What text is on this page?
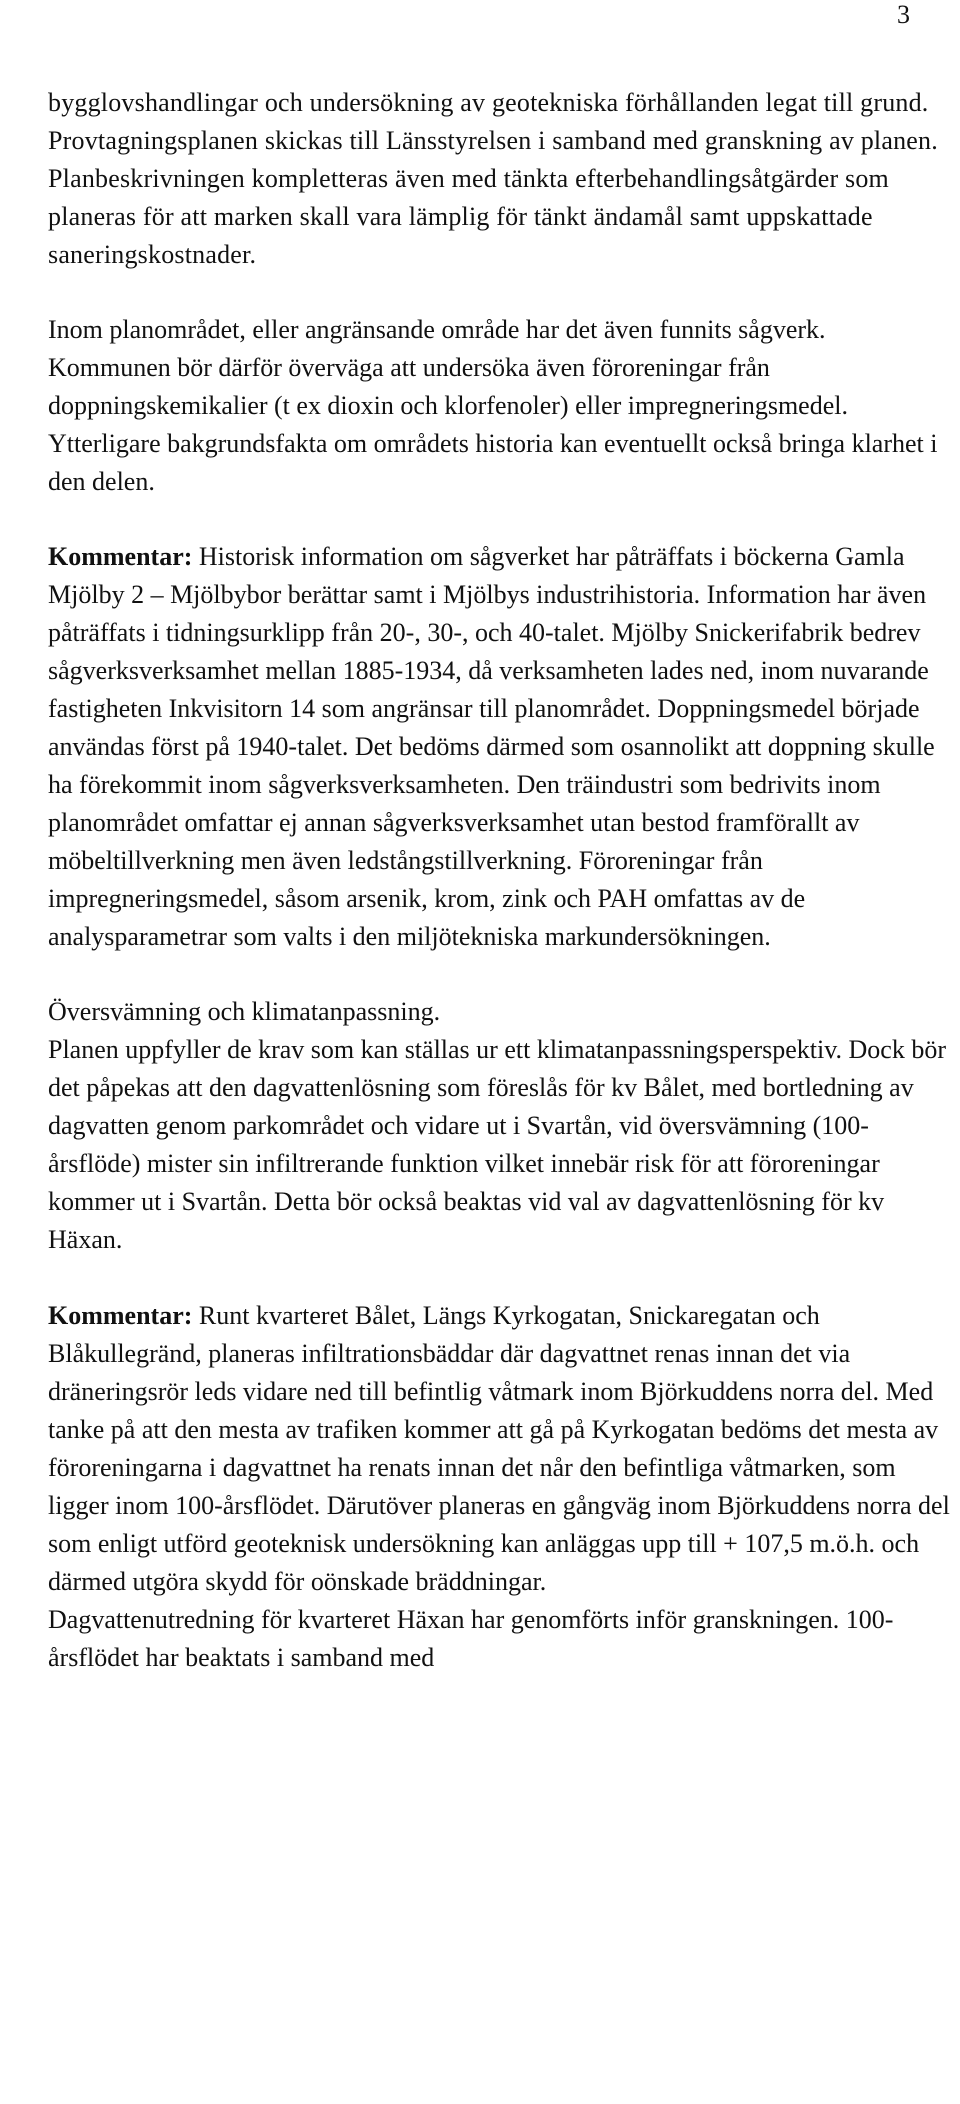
3

bygglovshandlingar och undersökning av geotekniska förhållanden legat till grund. Provtagningsplanen skickas till Länsstyrelsen i samband med granskning av planen. Planbeskrivningen kompletteras även med tänkta efterbehandlingsåtgärder som planeras för att marken skall vara lämplig för tänkt ändamål samt uppskattade saneringskostnader.

Inom planområdet, eller angränsande område har det även funnits sågverk. Kommunen bör därför överväga att undersöka även föroreningar från doppningskemikalier (t ex dioxin och klorfenoler) eller impregneringsmedel. Ytterligare bakgrundsfakta om områdets historia kan eventuellt också bringa klarhet i den delen.

Kommentar: Historisk information om sågverket har påträffats i böckerna Gamla Mjölby 2 – Mjölbybor berättar samt i Mjölbys industrihistoria. Information har även påträffats i tidningsurklipp från 20-, 30-, och 40-talet. Mjölby Snickerifabrik bedrev sågverksverksamhet mellan 1885-1934, då verksamheten lades ned, inom nuvarande fastigheten Inkvisitorn 14 som angränsar till planområdet. Doppningsmedel började användas först på 1940-talet. Det bedöms därmed som osannolikt att doppning skulle ha förekommit inom sågverksverksamheten. Den träindustri som bedrivits inom planområdet omfattar ej annan sågverksverksamhet utan bestod framförallt av möbeltillverkning men även ledstångstillverkning. Föroreningar från impregneringsmedel, såsom arsenik, krom, zink och PAH omfattas av de analysparametrar som valts i den miljötekniska markundersökningen.

Översvämning och klimatanpassning.
Planen uppfyller de krav som kan ställas ur ett klimatanpassningsperspektiv. Dock bör det påpekas att den dagvattenlösning som föreslås för kv Bålet, med bortledning av dagvatten genom parkområdet och vidare ut i Svartån, vid översvämning (100-årsflöde) mister sin infiltrerande funktion vilket innebär risk för att föroreningar kommer ut i Svartån. Detta bör också beaktas vid val av dagvattenlösning för kv Häxan.

Kommentar: Runt kvarteret Bålet, Längs Kyrkogatan, Snickaregatan och Blåkullegränd, planeras infiltrationsbäddar där dagvattnet renas innan det via dräneringsrör leds vidare ned till befintlig våtmark inom Björkuddens norra del. Med tanke på att den mesta av trafiken kommer att gå på Kyrkogatan bedöms det mesta av föroreningarna i dagvattnet ha renats innan det når den befintliga våtmarken, som ligger inom 100-årsflödet. Därutöver planeras en gångväg inom Björkuddens norra del som enligt utförd geoteknisk undersökning kan anläggas upp till + 107,5 m.ö.h. och därmed utgöra skydd för oönskade bräddningar.
Dagvattenutredning för kvarteret Häxan har genomförts inför granskningen. 100-årsflödet har beaktats i samband med
